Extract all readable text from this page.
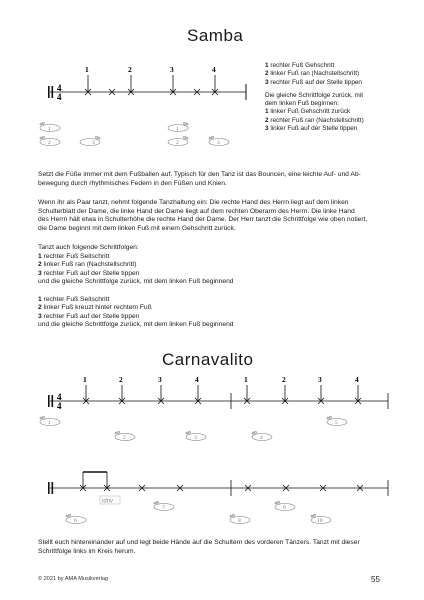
Samba
1	2	3	4
4
4
1
2	3
1
2	3
1 rechter Fuß Gehschritt
2 linker Fuß ran (Nachstellschritt)
3 rechter Fuß auf der Stelle tippen
Die gleiche Schrittfolge zurück, mit
dem linken Fuß beginnen:
1 linker Fuß Gehschritt zurück
2 rechter Fuß ran (Nachstellschritt)
3 linker Fuß auf der Stelle tippen
Setzt die Füße immer mit dem Fußballen auf. Typisch für den Tanz ist das Bouncen, eine leichte Auf- und Ab-
bewegung durch rhythmisches Federn in den Füßen und Knien.
Wenn ihr als Paar tanzt, nehmt folgende Tanzhaltung ein: Die rechte Hand des Herrn liegt auf dem linken
Schulterblatt der Dame, die linke Hand der Dame liegt auf dem rechten Oberarm des Herrn. Die linke Hand
des Herrn hält etwa in Schulterhöhe die rechte Hand der Dame. Der Herr tanzt die Schrittfolge wie oben notiert,
die Dame beginnt mit dem linken Fuß mit einem Gehschritt zurück.
Tanzt auch folgende Schrittfolgen:
1 rechter Fuß Seitschritt
2 linker Fuß ran (Nachstellschritt)
3 rechter Fuß auf der Stelle tippen
und die gleiche Schrittfolge zurück, mit dem linken Fuß beginnend
1 rechter Fuß Seitschritt
2 linker Fuß kreuzt hinter rechtem Fuß
3 rechter Fuß auf der Stelle tippen
und die gleiche Schrittfolge zurück, mit dem linken Fuß beginnend
Carnavalito
1	2	3	4	1	2	3	4
4
4
1
2	3	4
5
idnv
6
7
8
9
10
Stellt euch hintereinander auf und legt beide Hände auf die Schultern des vorderen Tänzers. Tanzt mit dieser
Schrittfolge links im Kreis herum.
© 2021 by AMA Musikverlag	55
